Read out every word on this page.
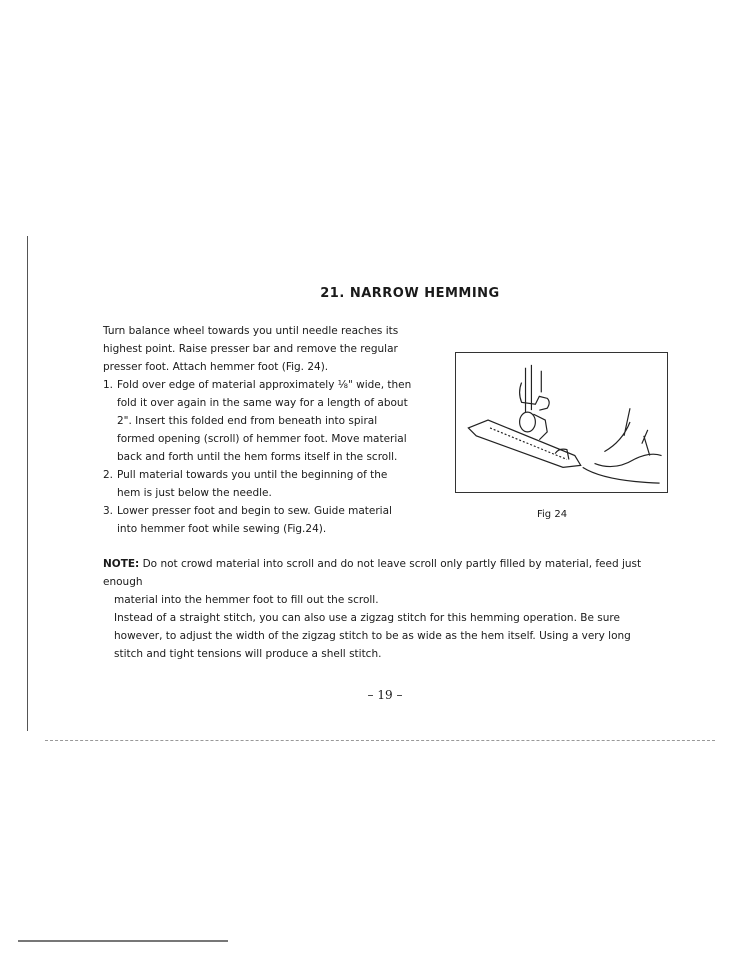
21. NARROW HEMMING

Turn balance wheel towards you until needle reaches its highest point. Raise presser bar and remove the regular presser foot. Attach hemmer foot (Fig. 24).

1. Fold over edge of material approximately ⅛" wide, then fold it over again in the same way for a length of about 2". Insert this folded end from beneath into spiral formed opening (scroll) of hemmer foot. Move material back and forth until the hem forms itself in the scroll.
2. Pull material towards you until the beginning of the hem is just below the needle.
3. Lower presser foot and begin to sew. Guide material into hemmer foot while sewing (Fig.24).
Fig 24

NOTE: Do not crowd material into scroll and do not leave scroll only partly filled by material, feed just enough

material into the hemmer foot to fill out the scroll.

Instead of a straight stitch, you can also use a zigzag stitch for this hemming operation. Be sure however, to adjust the width of the zigzag stitch to be as wide as the hem itself. Using a very long stitch and tight tensions will produce a shell stitch.

– 19 –
